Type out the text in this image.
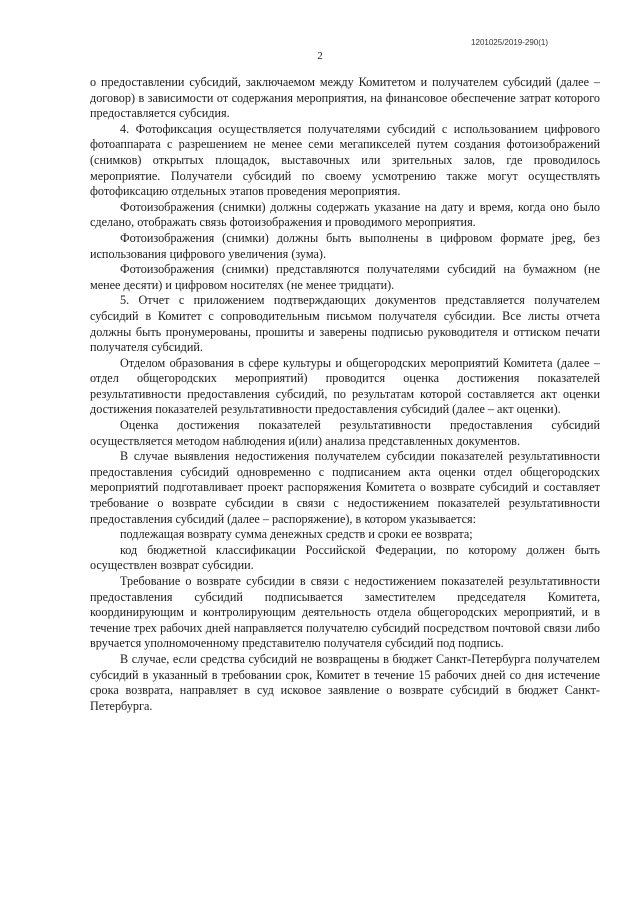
1201025/2019-290(1)
2

о предоставлении субсидий, заключаемом между Комитетом и получателем субсидий (далее – договор) в зависимости от содержания мероприятия, на финансовое обеспечение затрат которого предоставляется субсидия.

4. Фотофиксация осуществляется получателями субсидий с использованием цифрового фотоаппарата с разрешением не менее семи мегапикселей путем создания фотоизображений (снимков) открытых площадок, выставочных или зрительных залов, где проводилось мероприятие. Получатели субсидий по своему усмотрению также могут осуществлять фотофиксацию отдельных этапов проведения мероприятия.

Фотоизображения (снимки) должны содержать указание на дату и время, когда оно было сделано, отображать связь фотоизображения и проводимого мероприятия.

Фотоизображения (снимки) должны быть выполнены в цифровом формате jpeg, без использования цифрового увеличения (зума).

Фотоизображения (снимки) представляются получателями субсидий на бумажном (не менее десяти) и цифровом носителях (не менее тридцати).

5. Отчет с приложением подтверждающих документов представляется получателем субсидий в Комитет с сопроводительным письмом получателя субсидии. Все листы отчета должны быть пронумерованы, прошиты и заверены подписью руководителя и оттиском печати получателя субсидий.

Отделом образования в сфере культуры и общегородских мероприятий Комитета (далее – отдел общегородских мероприятий) проводится оценка достижения показателей результативности предоставления субсидий, по результатам которой составляется акт оценки достижения показателей результативности предоставления субсидий (далее – акт оценки).

Оценка достижения показателей результативности предоставления субсидий осуществляется методом наблюдения и(или) анализа представленных документов.

В случае выявления недостижения получателем субсидии показателей результативности предоставления субсидий одновременно с подписанием акта оценки отдел общегородских мероприятий подготавливает проект распоряжения Комитета о возврате субсидий и составляет требование о возврате субсидии в связи с недостижением показателей результативности предоставления субсидий (далее – распоряжение), в котором указывается:

подлежащая возврату сумма денежных средств и сроки ее возврата;

код бюджетной классификации Российской Федерации, по которому должен быть осуществлен возврат субсидии.

Требование о возврате субсидии в связи с недостижением показателей результативности предоставления субсидий подписывается заместителем председателя Комитета, координирующим и контролирующим деятельность отдела общегородских мероприятий, и в течение трех рабочих дней направляется получателю субсидий посредством почтовой связи либо вручается уполномоченному представителю получателя субсидий под подпись.

В случае, если средства субсидий не возвращены в бюджет Санкт-Петербурга получателем субсидий в указанный в требовании срок, Комитет в течение 15 рабочих дней со дня истечение срока возврата, направляет в суд исковое заявление о возврате субсидий в бюджет Санкт-Петербурга.
